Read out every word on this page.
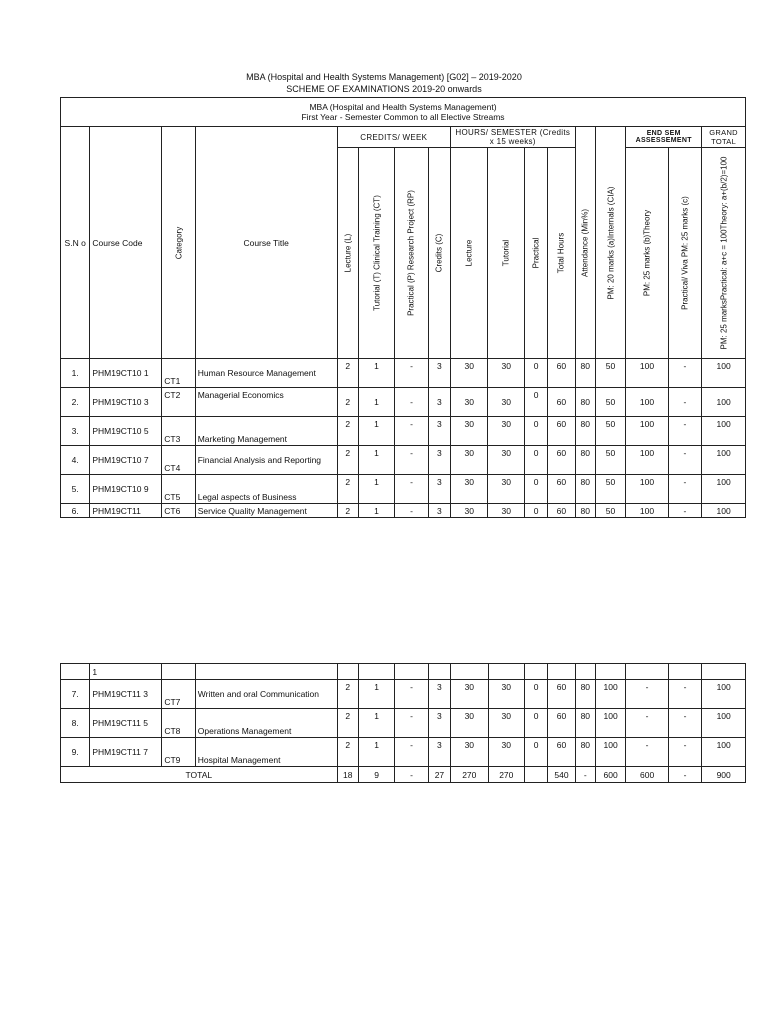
MBA (Hospital and Health Systems Management) [G02] – 2019-2020
SCHEME OF EXAMINATIONS 2019-20 onwards
MBA (Hospital and Health Systems Management)
First Year - Semester Common to all Elective Streams																

S.N o	Course Code	Category	Course Title	CREDITS/ WEEK				HOURS/ SEMESTER (Credits x 15 weeks)				Attendance (Min%)	PM: 20 marks (a)Internals (CIA)	END SEM ASSESSEMENT		GRAND TOTAL

				Lecture (L)	Tutorial (T) Clinical Training (CT)	Practical (P) Research Project (RP)	Credits (C)	Lecture	Tutorial	Practical	Total Hours			PM: 25 marks (b)Theory	Practical/ Viva PM: 25 marks (c)	PM: 25 marksPractical: a+c = 100Theory: a+(b/2)=100

1.	PHM19CT10 1	CT1	Human Resource Management	2	1	-	3	30	30	0	60	80	50	100	-	100
2.	PHM19CT10 3	CT2	Managerial Economics	2	1	-	3	30	30	0	60	80	50	100	-	100
3.	PHM19CT10 5	CT3	Marketing Management	2	1	-	3	30	30	0	60	80	50	100	-	100
4.	PHM19CT10 7	CT4	Financial Analysis and Reporting	2	1	-	3	30	30	0	60	80	50	100	-	100
5.	PHM19CT10 9	CT5	Legal aspects of Business	2	1	-	3	30	30	0	60	80	50	100	-	100
6.	PHM19CT11	CT6	Service Quality Management	2	1	-	3	30	30	0	60	80	50	100	-	100
	1															
7.	PHM19CT11 3	CT7	Written and oral Communication	2	1	-	3	30	30	0	60	80	100	-	-	100
8.	PHM19CT11 5	CT8	Operations Management	2	1	-	3	30	30	0	60	80	100	-	-	100
9.	PHM19CT11 7	CT9	Hospital Management	2	1	-	3	30	30	0	60	80	100	-	-	100
TOTAL				18	9	-	27	270	270		540	-	600	600	-	900
